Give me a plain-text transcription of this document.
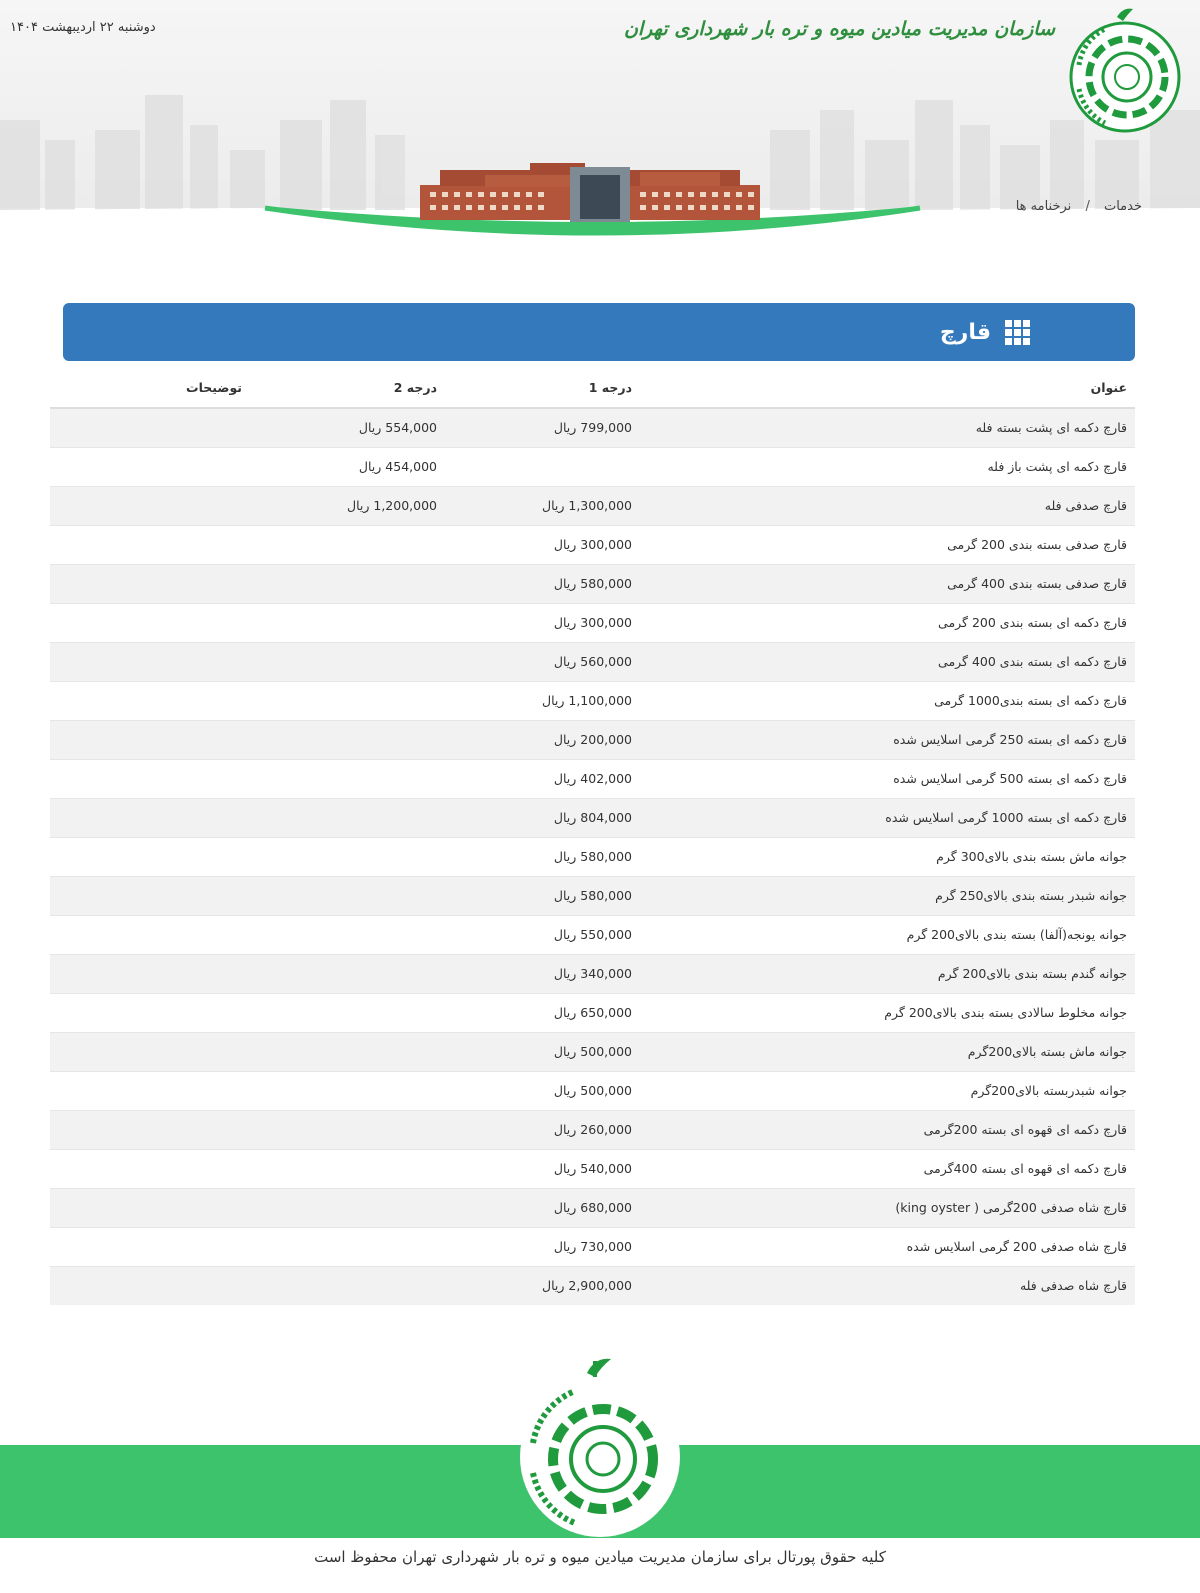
دوشنبه ۲۲ اردیبهشت ۱۴۰۴	سازمان مدیریت میادین میوه و تره بار شهرداری تهران
خدمات / نرخنامه ها
قارچ
عنوان	درجه 1	درجه 2	توضیحات
قارچ دکمه ای پشت بسته فله	799,000 ریال	554,000 ریال	
قارچ دکمه ای پشت باز فله		454,000 ریال	
قارچ صدفی فله	1,300,000 ریال	1,200,000 ریال	
قارچ صدفی بسته بندی 200 گرمی	300,000 ریال		
قارچ صدفی بسته بندی 400 گرمی	580,000 ریال		
قارچ دکمه ای بسته بندی 200 گرمی	300,000 ریال		
قارچ دکمه ای بسته بندی 400 گرمی	560,000 ریال		
قارچ دکمه ای بسته بندی1000 گرمی	1,100,000 ریال		
قارچ دکمه ای بسته 250 گرمی اسلایس شده	200,000 ریال		
قارچ دکمه ای بسته 500 گرمی اسلایس شده	402,000 ریال		
قارچ دکمه ای بسته 1000 گرمی اسلایس شده	804,000 ریال		
جوانه ماش بسته بندی بالای300 گرم	580,000 ریال		
جوانه شبدر بسته بندی بالای250 گرم	580,000 ریال		
جوانه یونجه(آلفا) بسته بندی بالای200 گرم	550,000 ریال		
جوانه گندم بسته بندی بالای200 گرم	340,000 ریال		
جوانه مخلوط سالادی بسته بندی بالای200 گرم	650,000 ریال		
جوانه ماش بسته بالای200گرم	500,000 ریال		
جوانه شبدربسته بالای200گرم	500,000 ریال		
قارچ دکمه ای قهوه ای بسته 200گرمی	260,000 ریال		
قارچ دکمه ای قهوه ای بسته 400گرمی	540,000 ریال		
قارچ شاه صدفی 200گرمی ( king oyster)	680,000 ریال		
قارچ شاه صدفی 200 گرمی اسلایس شده	730,000 ریال		
قارچ شاه صدفی فله	2,900,000 ریال		
کلیه حقوق پورتال برای سازمان مدیریت میادین میوه و تره بار شهرداری تهران محفوظ است
